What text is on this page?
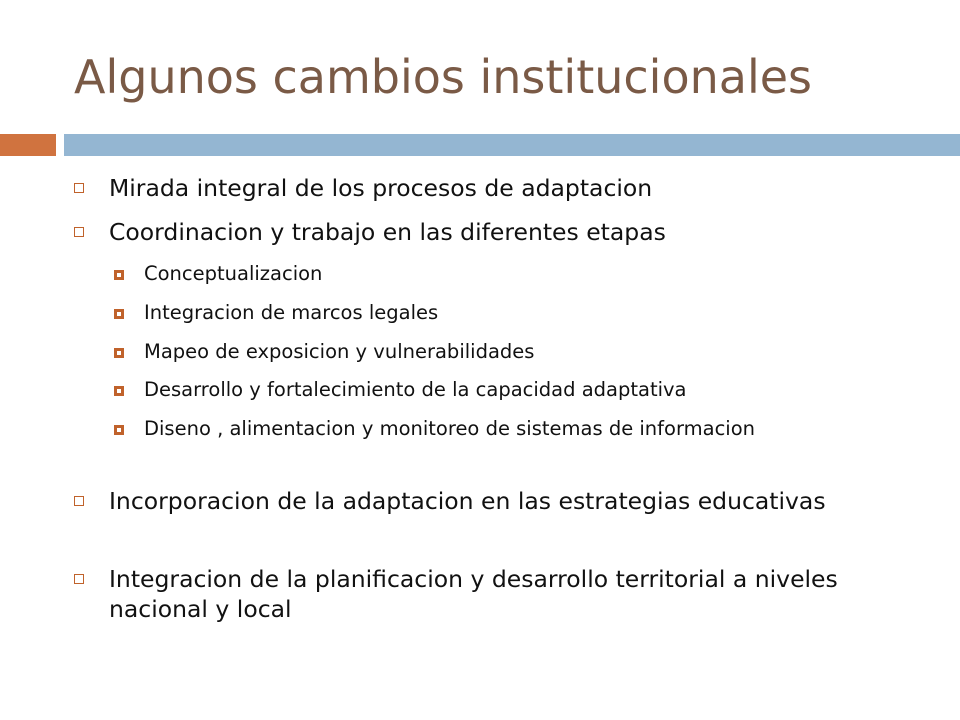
Algunos cambios institucionales
Mirada integral de los procesos de adaptacion
Coordinacion y trabajo en las diferentes etapas
Conceptualizacion
Integracion de marcos legales
Mapeo de exposicion y vulnerabilidades
Desarrollo y fortalecimiento de la capacidad adaptativa
Diseno , alimentacion y monitoreo de sistemas de informacion
Incorporacion de la adaptacion en las estrategias educativas
Integracion de la planificacion y desarrollo territorial a niveles nacional y local
